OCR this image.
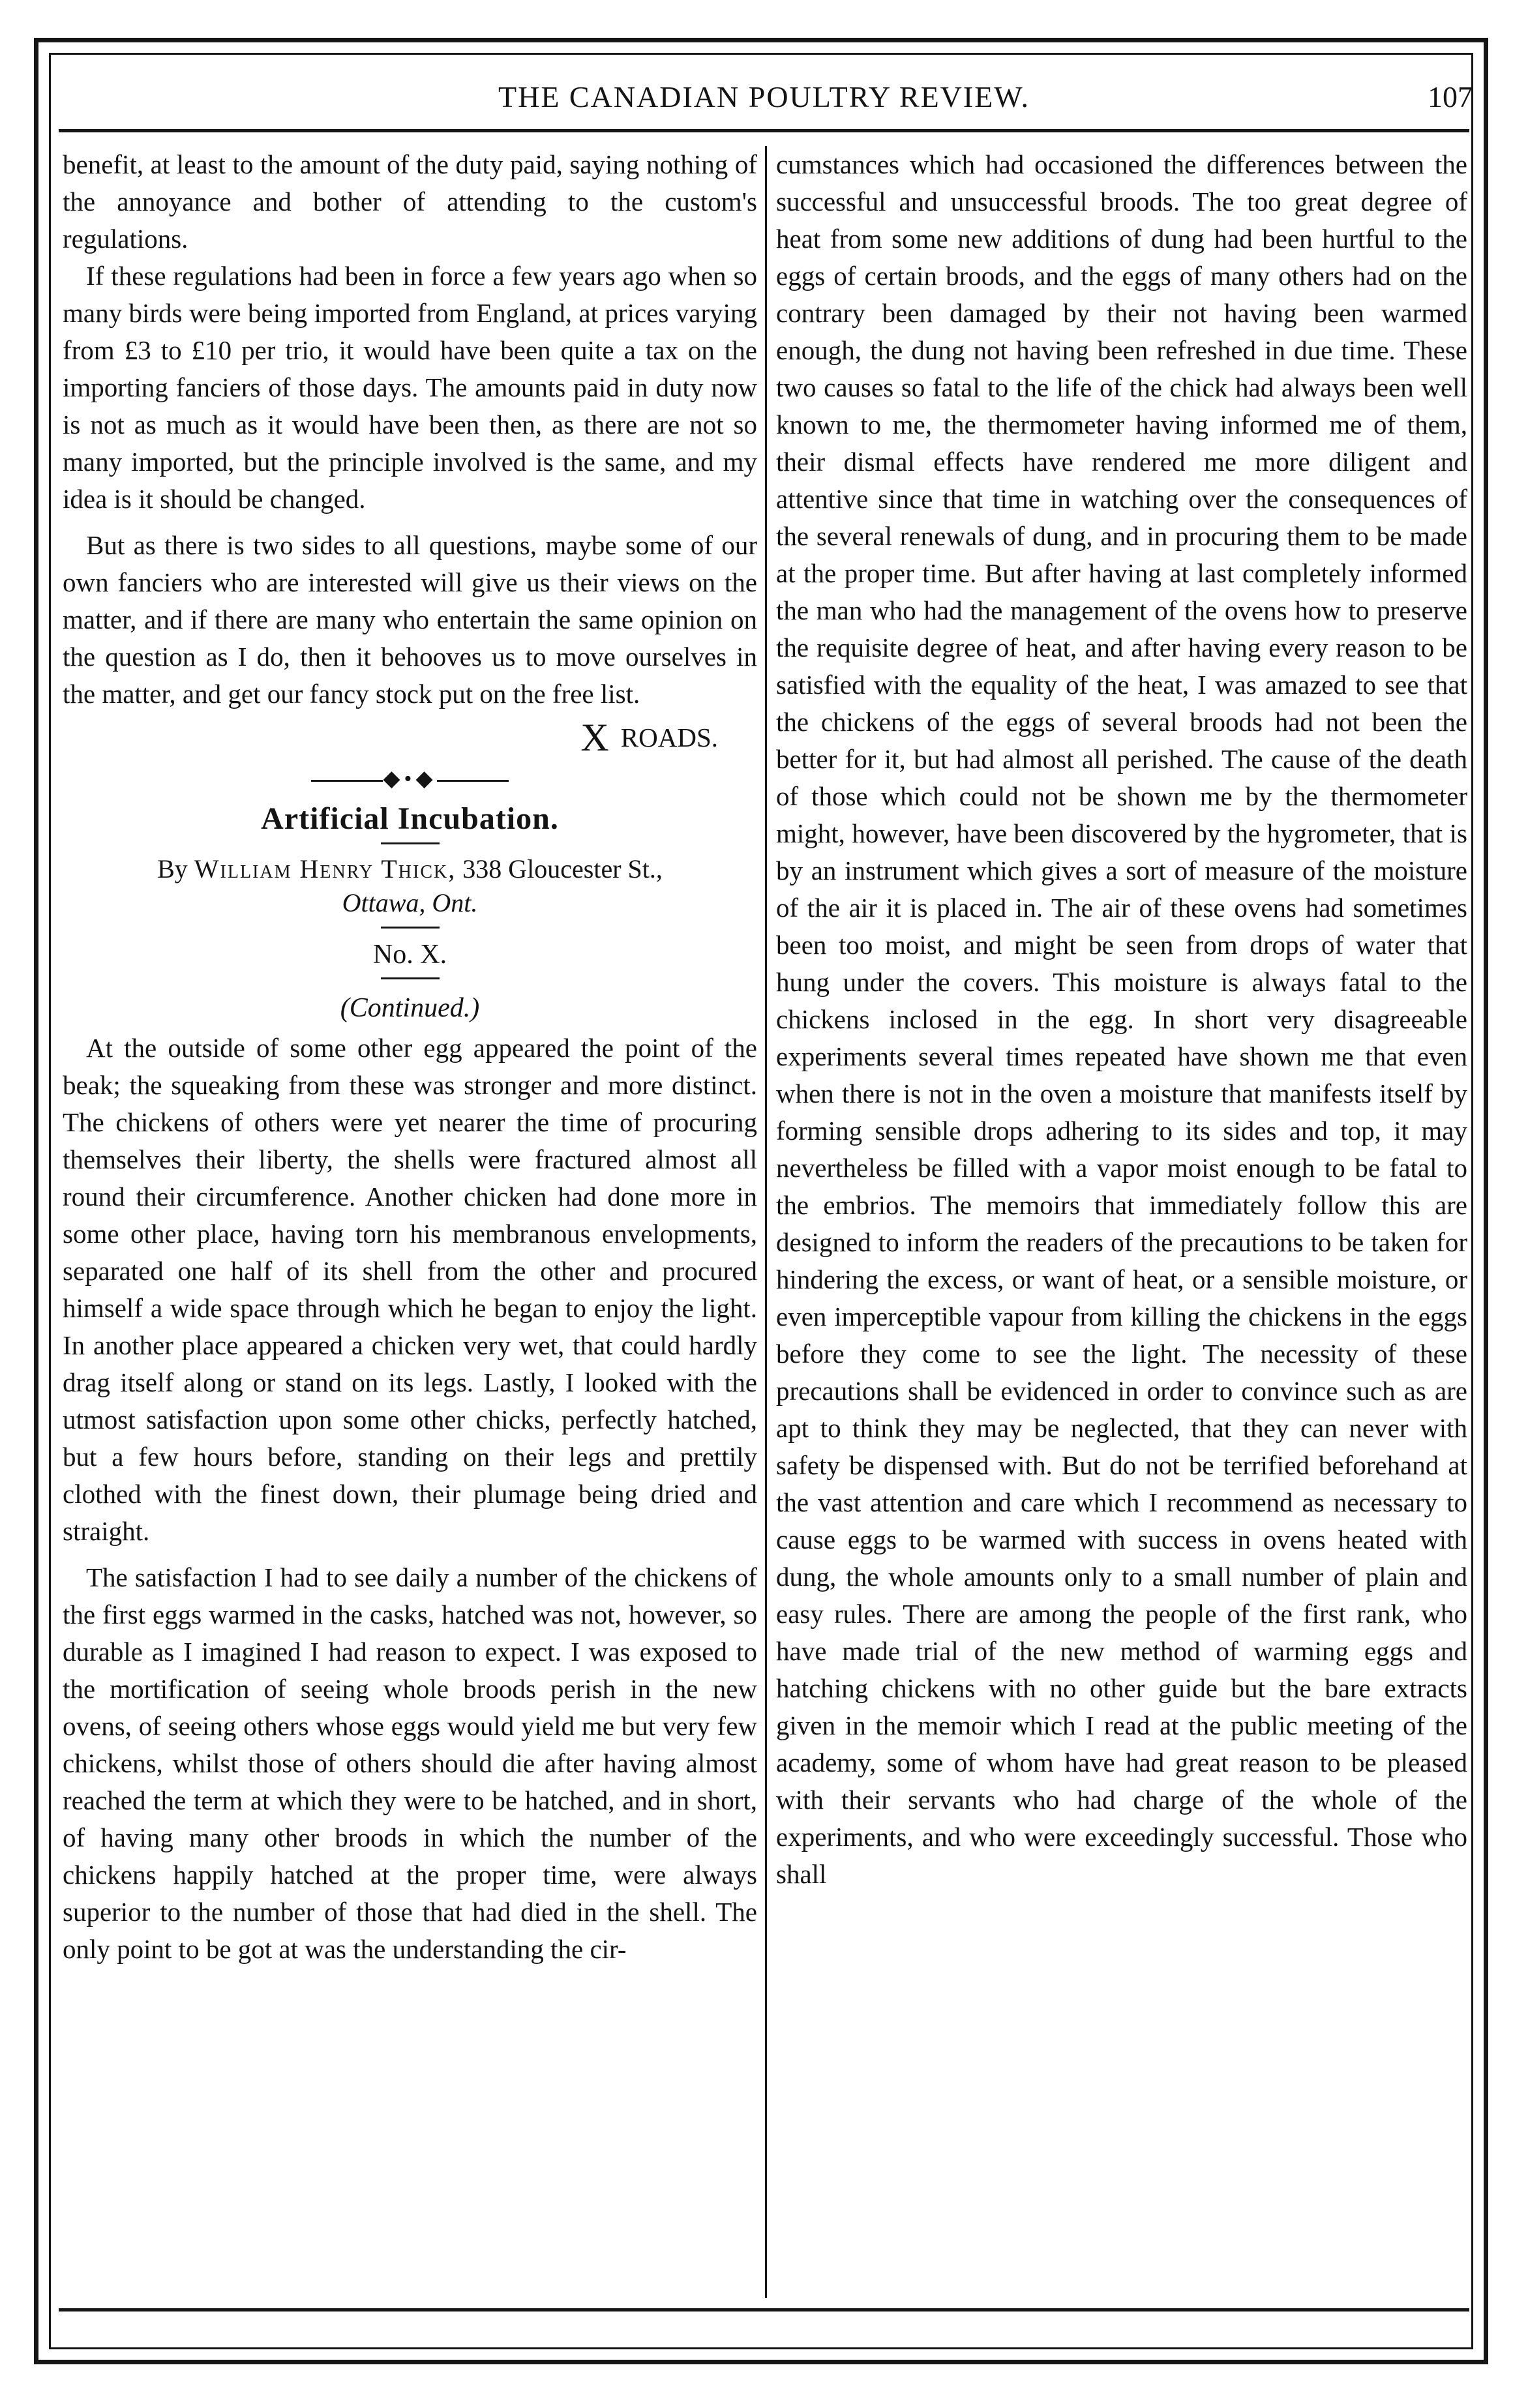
THE CANADIAN POULTRY REVIEW.	107

benefit, at least to the amount of the duty paid, saying nothing of the annoyance and bother of attending to the custom's regulations.

If these regulations had been in force a few years ago when so many birds were being imported from England, at prices varying from £3 to £10 per trio, it would have been quite a tax on the importing fanciers of those days. The amounts paid in duty now is not as much as it would have been then, as there are not so many imported, but the principle involved is the same, and my idea is it should be changed.

But as there is two sides to all questions, maybe some of our own fanciers who are interested will give us their views on the matter, and if there are many who entertain the same opinion on the question as I do, then it behooves us to move ourselves in the matter, and get our fancy stock put on the free list.

X ROADS.
◆•◆
Artificial Incubation.
By William Henry Thick, 338 Gloucester St.,
Ottawa, Ont.
No. X.
(Continued.)

At the outside of some other egg appeared the point of the beak; the squeaking from these was stronger and more distinct. The chickens of others were yet nearer the time of procuring themselves their liberty, the shells were fractured almost all round their circumference. Another chicken had done more in some other place, having torn his membranous envelopments, separated one half of its shell from the other and procured himself a wide space through which he began to enjoy the light. In another place appeared a chicken very wet, that could hardly drag itself along or stand on its legs. Lastly, I looked with the utmost satisfaction upon some other chicks, perfectly hatched, but a few hours before, standing on their legs and prettily clothed with the finest down, their plumage being dried and straight.

The satisfaction I had to see daily a number of the chickens of the first eggs warmed in the casks, hatched was not, however, so durable as I imagined I had reason to expect. I was exposed to the mortification of seeing whole broods perish in the new ovens, of seeing others whose eggs would yield me but very few chickens, whilst those of others should die after having almost reached the term at which they were to be hatched, and in short, of having many other broods in which the number of the chickens happily hatched at the proper time, were always superior to the number of those that had died in the shell. The only point to be got at was the understanding the cir-

cumstances which had occasioned the differences between the successful and unsuccessful broods. The too great degree of heat from some new additions of dung had been hurtful to the eggs of certain broods, and the eggs of many others had on the contrary been damaged by their not having been warmed enough, the dung not having been refreshed in due time. These two causes so fatal to the life of the chick had always been well known to me, the thermometer having informed me of them, their dismal effects have rendered me more diligent and attentive since that time in watching over the consequences of the several renewals of dung, and in procuring them to be made at the proper time. But after having at last completely informed the man who had the management of the ovens how to preserve the requisite degree of heat, and after having every reason to be satisfied with the equality of the heat, I was amazed to see that the chickens of the eggs of several broods had not been the better for it, but had almost all perished. The cause of the death of those which could not be shown me by the thermometer might, however, have been discovered by the hygrometer, that is by an instrument which gives a sort of measure of the moisture of the air it is placed in. The air of these ovens had sometimes been too moist, and might be seen from drops of water that hung under the covers. This moisture is always fatal to the chickens inclosed in the egg. In short very disagreeable experiments several times repeated have shown me that even when there is not in the oven a moisture that manifests itself by forming sensible drops adhering to its sides and top, it may nevertheless be filled with a vapor moist enough to be fatal to the embrios. The memoirs that immediately follow this are designed to inform the readers of the precautions to be taken for hindering the excess, or want of heat, or a sensible moisture, or even imperceptible vapour from killing the chickens in the eggs before they come to see the light. The necessity of these precautions shall be evidenced in order to convince such as are apt to think they may be neglected, that they can never with safety be dispensed with. But do not be terrified beforehand at the vast attention and care which I recommend as necessary to cause eggs to be warmed with success in ovens heated with dung, the whole amounts only to a small number of plain and easy rules. There are among the people of the first rank, who have made trial of the new method of warming eggs and hatching chickens with no other guide but the bare extracts given in the memoir which I read at the public meeting of the academy, some of whom have had great reason to be pleased with their servants who had charge of the whole of the experiments, and who were exceedingly successful. Those who shall
